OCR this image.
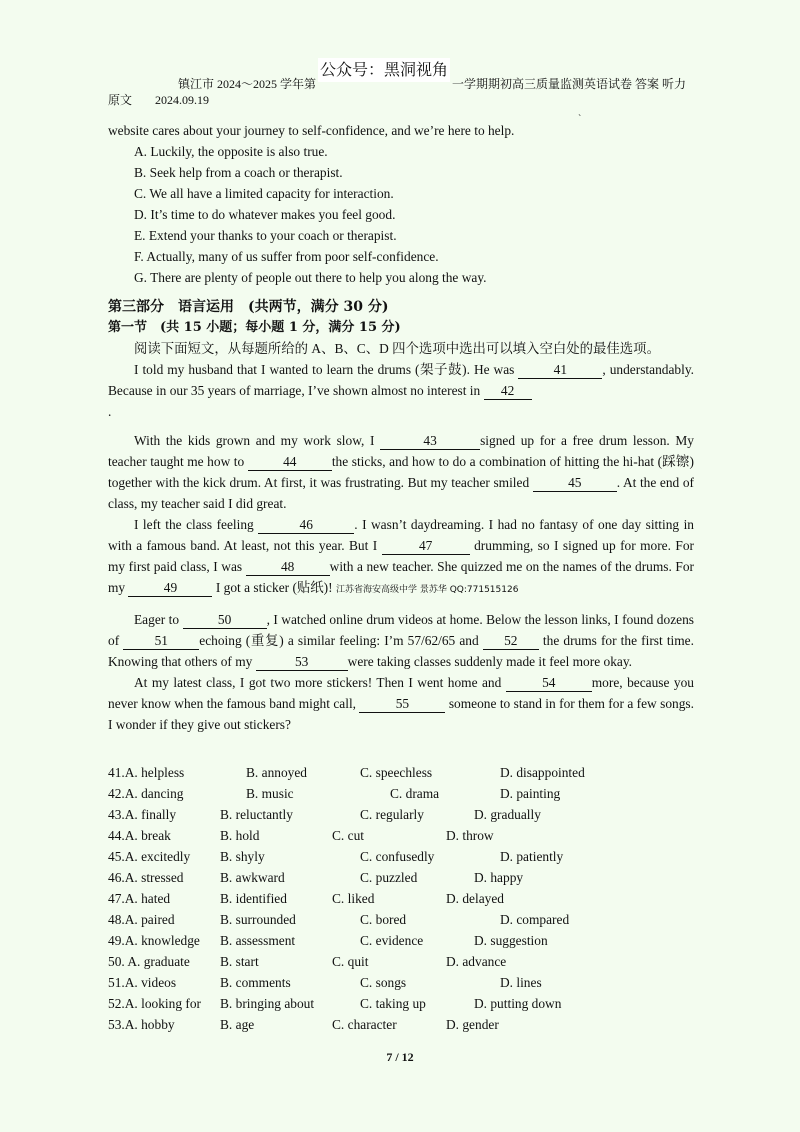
公众号：黑洞视角
镇江市 2024～2025 学年第	一学期期初高三质量监测英语试卷 答案 听力
原文 2024.09.19
ˋ

website cares about your journey to self-confidence, and we’re here to help.

A. Luckily, the opposite is also true.

B. Seek help from a coach or therapist.

C. We all have a limited capacity for interaction.

D. It’s time to do whatever makes you feel good.

E. Extend your thanks to your coach or therapist.

F. Actually, many of us suffer from poor self-confidence.

G. There are plenty of people out there to help you along the way.

第三部分　语言运用　(共两节，满分 30 分)

第一节　(共 15 小题；每小题 1 分，满分 15 分)

阅读下面短文，从每题所给的 A、B、C、D 四个选项中选出可以填入空白处的最佳选项。

I told my husband that I wanted to learn the drums (架子鼓). He was	41	, understandably. Because in our 35 years of marriage, I’ve shown almost no interest in 42
.

With the kids grown and my work slow, I	43	signed up for a free drum lesson. My teacher taught me how to	44	the sticks, and how to do a combination of hitting the hi-hat (踩镲) together with the kick drum. At first, it was frustrating. But my teacher smiled	45	. At the end of class, my teacher said I did great.

I left the class feeling	46	. I wasn’t daydreaming. I had no fantasy of one day sitting in with a famous band. At least, not this year. But I	47	drumming, so I signed up for more. For my first paid class, I was	48	with a new teacher. She quizzed me on the names of the drums. For my	49	I got a sticker (贴纸)! 江苏省海安高级中学 景苏华 QQ:771515126

Eager to	50	, I watched online drum videos at home. Below the lesson links, I found dozens of	51 echoing (重复) a similar feeling: I’m 57/62/65 and 52 the drums for the first time. Knowing that others of my	53	were taking classes suddenly made it feel more okay.

At my latest class, I got two more stickers! Then I went home and	54	more, because you never know when the famous band might call,	55	someone to stand in for them for a few songs. I wonder if they give out stickers?

41.A. helpless	B. annoyed	C. speechless	D. disappointed
42.A. dancing	B. music	C. drama	D. painting
43.A. finally	B. reluctantly	C. regularly	D. gradually
44.A. break	B. hold	C. cut	D. throw
45.A. excitedly B. shyly	C. confusedly	D. patiently
46.A. stressed	B. awkward	C. puzzled	D. happy
47.A. hated	B. identified	C. liked	D. delayed
48.A. paired	B. surrounded	C. bored	D. compared
49.A. knowledge B. assessment	C. evidence	D. suggestion
50. A. graduate B. start	C. quit	D. advance
51.A. videos	B. comments	C. songs	D. lines
52.A. looking for B. bringing about	C. taking up	D. putting down
53.A. hobby	B. age	C. character	D. gender
7 / 12
